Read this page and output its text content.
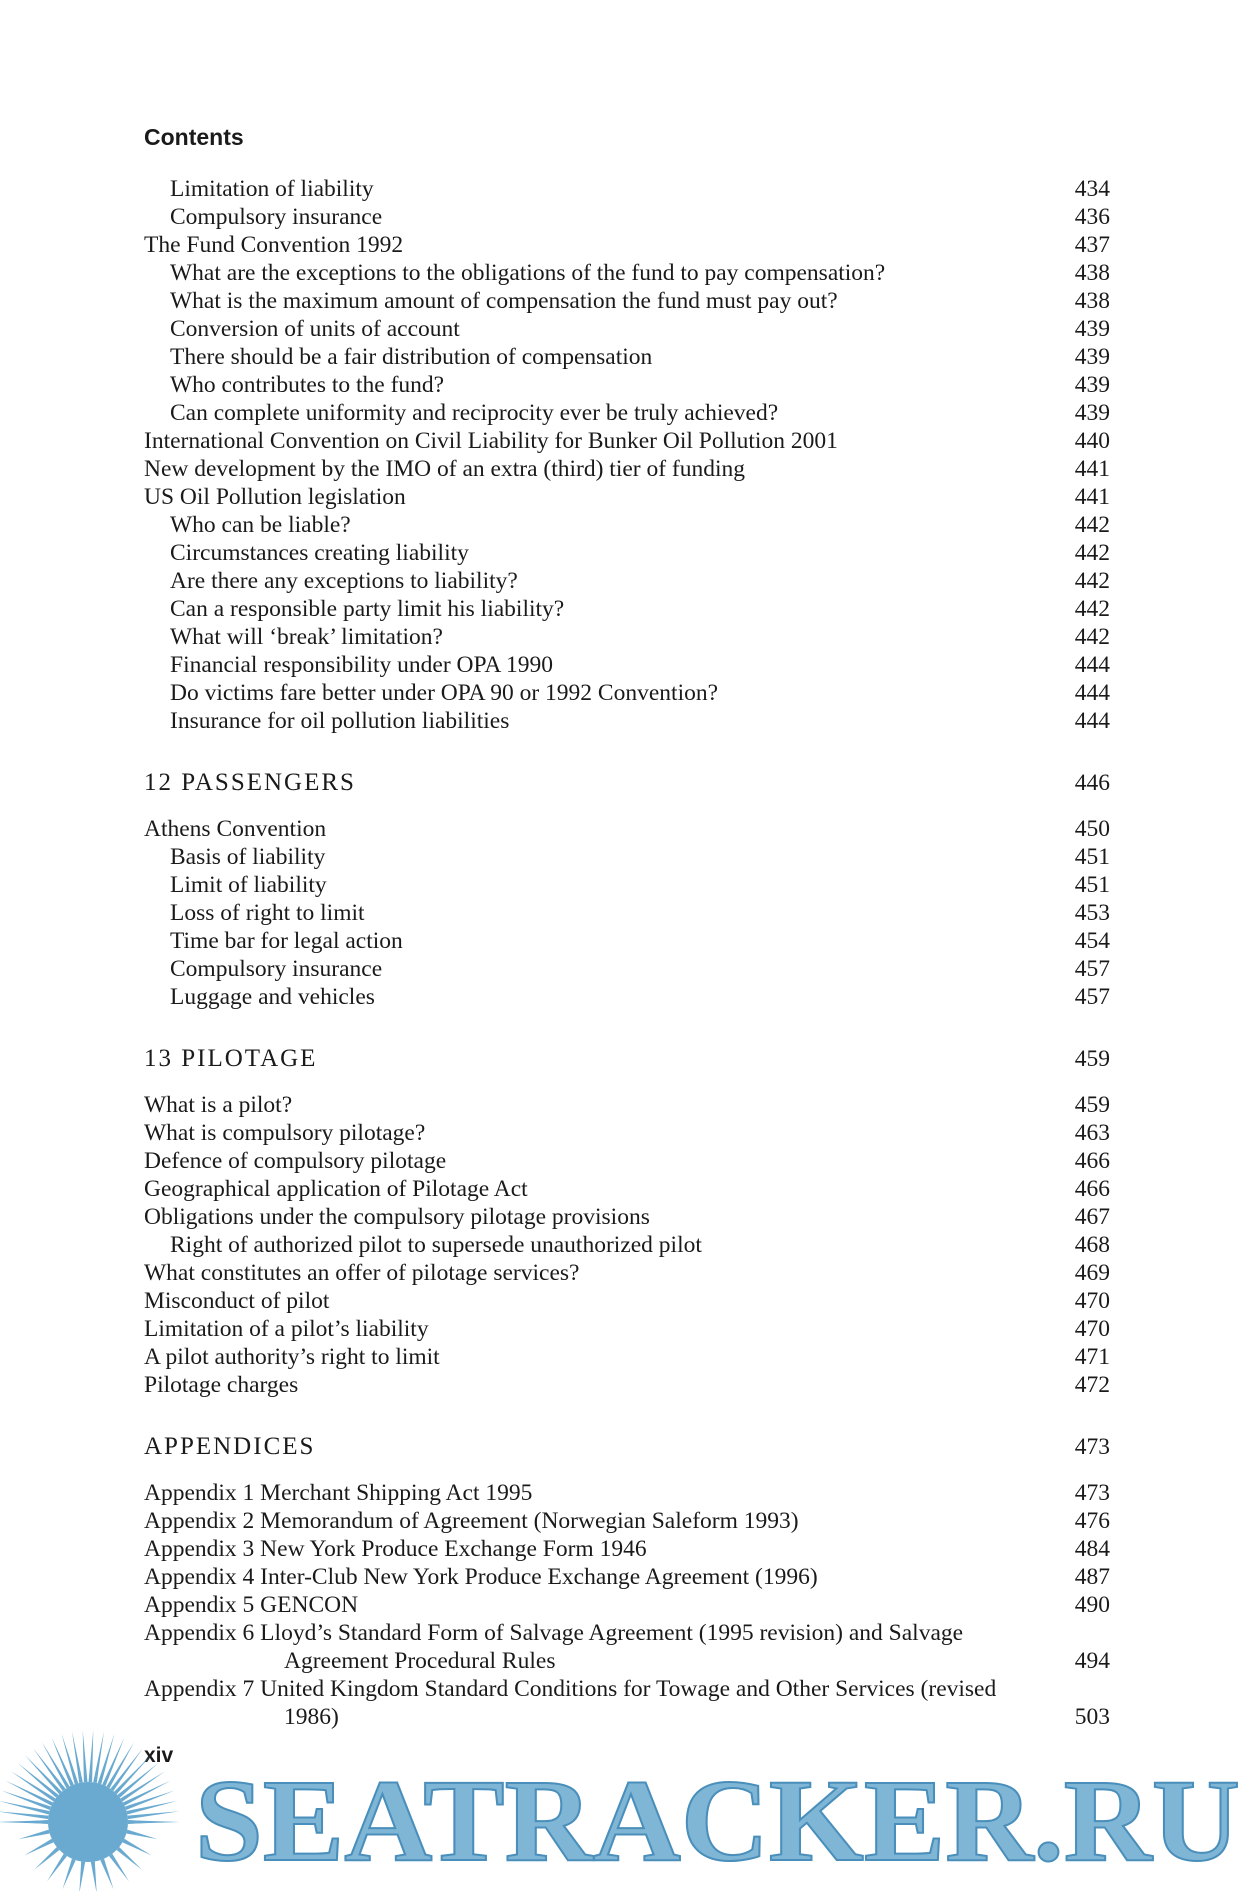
Contents
Limitation of liability	434
Compulsory insurance	436
The Fund Convention 1992	437
What are the exceptions to the obligations of the fund to pay compensation?	438
What is the maximum amount of compensation the fund must pay out?	438
Conversion of units of account	439
There should be a fair distribution of compensation	439
Who contributes to the fund?	439
Can complete uniformity and reciprocity ever be truly achieved?	439
International Convention on Civil Liability for Bunker Oil Pollution 2001	440
New development by the IMO of an extra (third) tier of funding	441
US Oil Pollution legislation	441
Who can be liable?	442
Circumstances creating liability	442
Are there any exceptions to liability?	442
Can a responsible party limit his liability?	442
What will ‘break’ limitation?	442
Financial responsibility under OPA 1990	444
Do victims fare better under OPA 90 or 1992 Convention?	444
Insurance for oil pollution liabilities	444
12 PASSENGERS	446
Athens Convention	450
Basis of liability	451
Limit of liability	451
Loss of right to limit	453
Time bar for legal action	454
Compulsory insurance	457
Luggage and vehicles	457
13 PILOTAGE	459
What is a pilot?	459
What is compulsory pilotage?	463
Defence of compulsory pilotage	466
Geographical application of Pilotage Act	466
Obligations under the compulsory pilotage provisions	467
Right of authorized pilot to supersede unauthorized pilot	468
What constitutes an offer of pilotage services?	469
Misconduct of pilot	470
Limitation of a pilot’s liability	470
A pilot authority’s right to limit	471
Pilotage charges	472
APPENDICES	473
Appendix 1 Merchant Shipping Act 1995	473
Appendix 2 Memorandum of Agreement (Norwegian Saleform 1993)	476
Appendix 3 New York Produce Exchange Form 1946	484
Appendix 4 Inter-Club New York Produce Exchange Agreement (1996)	487
Appendix 5 GENCON	490
Appendix 6 Lloyd’s Standard Form of Salvage Agreement (1995 revision) and Salvage Agreement Procedural Rules	494
Appendix 7 United Kingdom Standard Conditions for Towage and Other Services (revised 1986)	503
xiv SEATRACKER.RU
